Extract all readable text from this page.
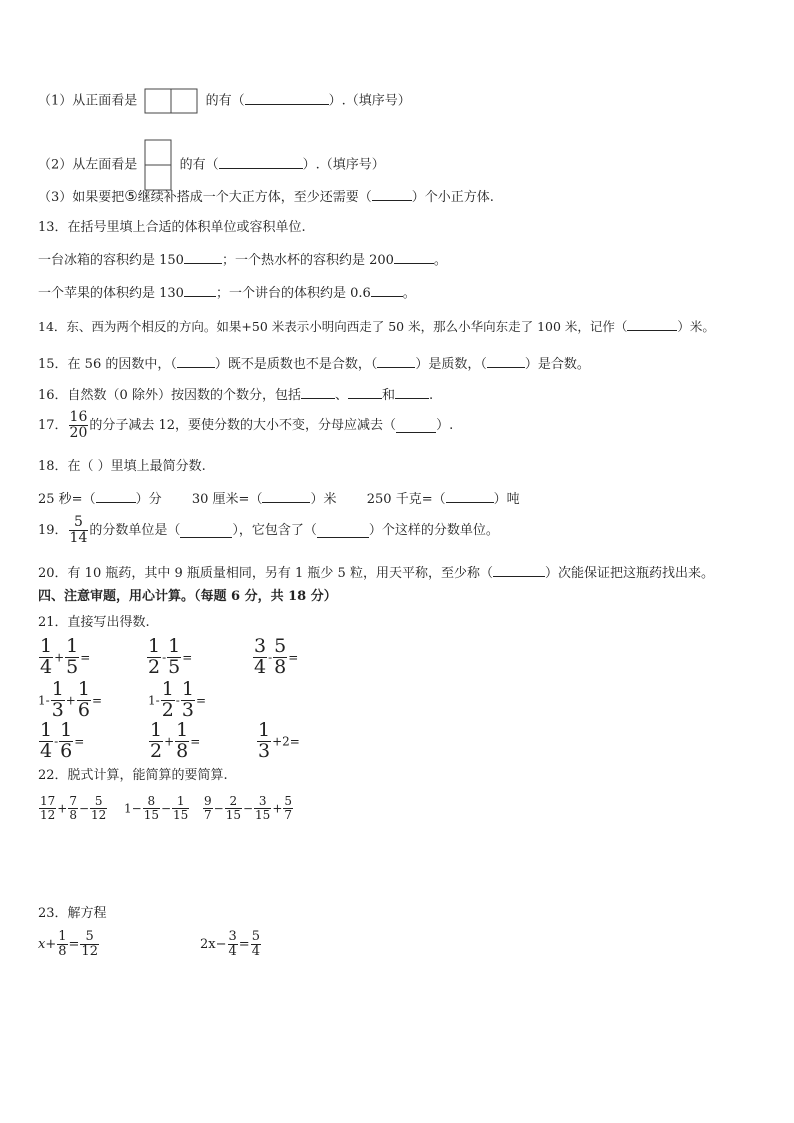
（1）从正面看是	的有（	）.（填序号）
（2）从左面看是	的有（	）.（填序号）
（3）如果要把⑤继续补搭成一个大正方体，至少还需要（	）个小正方体.
13．在括号里填上合适的体积单位或容积单位.
一台冰箱的容积约是 150	；一个热水杯的容积约是 200	。
一个苹果的体积约是 130 ；一个讲台的体积约是 0.6 。
14．东、西为两个相反的方向。如果+50 米表示小明向西走了 50 米，那么小华向东走了 100 米，记作（	）米。
15．在 56 的因数中，（	）既不是质数也不是合数，（	）是质数，（	）是合数。
16．自然数（0 除外）按因数的个数分，包括	、	和	.
17． $\frac{16}{20}$ 的分子减去 12，要使分数的大小不变，分母应减去（	）.
18．在（ ）里填上最简分数.
25 秒=（	）分 30 厘米=（	）米 250 千克=（	）吨
19． $\frac{5}{14}$ 的分数单位是（	），它包含了（	）个这样的分数单位。
20．有 10 瓶药，其中 9 瓶质量相同，另有 1 瓶少 5 粒，用天平称，至少称（	）次能保证把这瓶药找出来。
四、注意审题，用心计算。（每题 6 分，共 18 分）
21．直接写出得数.
$\frac{1}{4} + \frac{1}{5}$ =	$\frac{1}{2} - \frac{1}{5}$ =	$\frac{3}{4} - \frac{5}{8}$ =
$1- \frac{1}{3} + \frac{1}{6}$ =	$1- \frac{1}{2} - \frac{1}{3}$ =
$\frac{1}{4} - \frac{1}{6}$ =	$\frac{1}{2} + \frac{1}{8}$ =	$\frac{1}{3} +2=$
22．脱式计算，能简算的要简算.
$\frac{17}{12} + \frac{7}{8} - \frac{5}{12} 1- \frac{8}{15} - \frac{1}{15} \frac{9}{7} - \frac{2}{15} - \frac{3}{15} + \frac{5}{7}$
23．解方程
$x+ \frac{1}{8} = \frac{5}{12}$	$2x- \frac{3}{4} = \frac{5}{4}$
